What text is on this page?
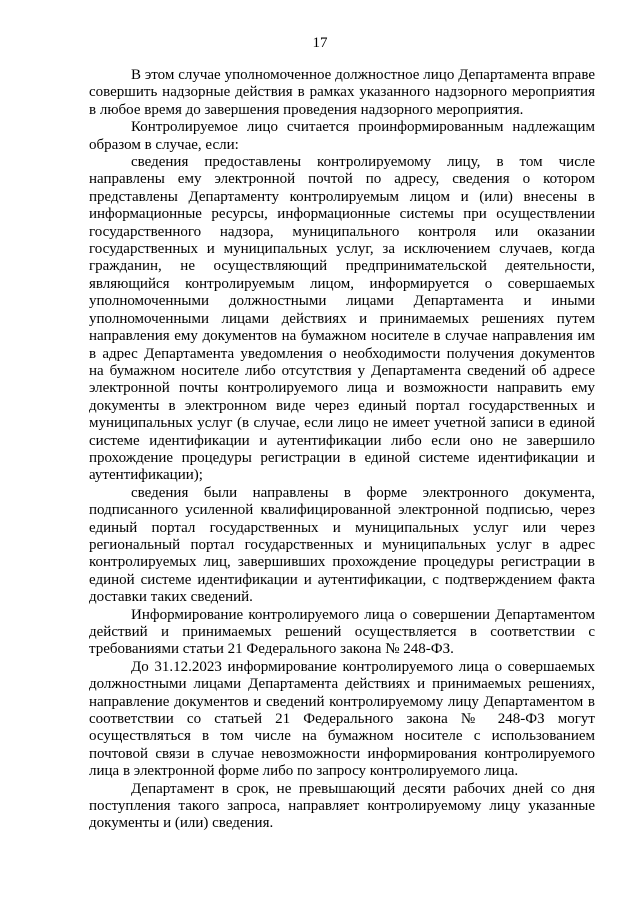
17

В этом случае уполномоченное должностное лицо Департамента вправе совершить надзорные действия в рамках указанного надзорного мероприятия в любое время до завершения проведения надзорного мероприятия.

Контролируемое лицо считается проинформированным надлежащим образом в случае, если:

сведения предоставлены контролируемому лицу, в том числе направлены ему электронной почтой по адресу, сведения о котором представлены Департаменту контролируемым лицом и (или) внесены в информационные ресурсы, информационные системы при осуществлении государственного надзора, муниципального контроля или оказании государственных и муниципальных услуг, за исключением случаев, когда гражданин, не осуществляющий предпринимательской деятельности, являющийся контролируемым лицом, информируется о совершаемых уполномоченными должностными лицами Департамента и иными уполномоченными лицами действиях и принимаемых решениях путем направления ему документов на бумажном носителе в случае направления им в адрес Департамента уведомления о необходимости получения документов на бумажном носителе либо отсутствия у Департамента сведений об адресе электронной почты контролируемого лица и возможности направить ему документы в электронном виде через единый портал государственных и муниципальных услуг (в случае, если лицо не имеет учетной записи в единой системе идентификации и аутентификации либо если оно не завершило прохождение процедуры регистрации в единой системе идентификации и аутентификации);

сведения были направлены в форме электронного документа, подписанного усиленной квалифицированной электронной подписью, через единый портал государственных и муниципальных услуг или через региональный портал государственных и муниципальных услуг в адрес контролируемых лиц, завершивших прохождение процедуры регистрации в единой системе идентификации и аутентификации, с подтверждением факта доставки таких сведений.

Информирование контролируемого лица о совершении Департаментом действий и принимаемых решений осуществляется в соответствии с требованиями статьи 21 Федерального закона № 248-ФЗ.

До 31.12.2023 информирование контролируемого лица о совершаемых должностными лицами Департамента действиях и принимаемых решениях, направление документов и сведений контролируемому лицу Департаментом в соответствии со статьей 21 Федерального закона № 248-ФЗ могут осуществляться в том числе на бумажном носителе с использованием почтовой связи в случае невозможности информирования контролируемого лица в электронной форме либо по запросу контролируемого лица.

Департамент в срок, не превышающий десяти рабочих дней со дня поступления такого запроса, направляет контролируемому лицу указанные документы и (или) сведения.
